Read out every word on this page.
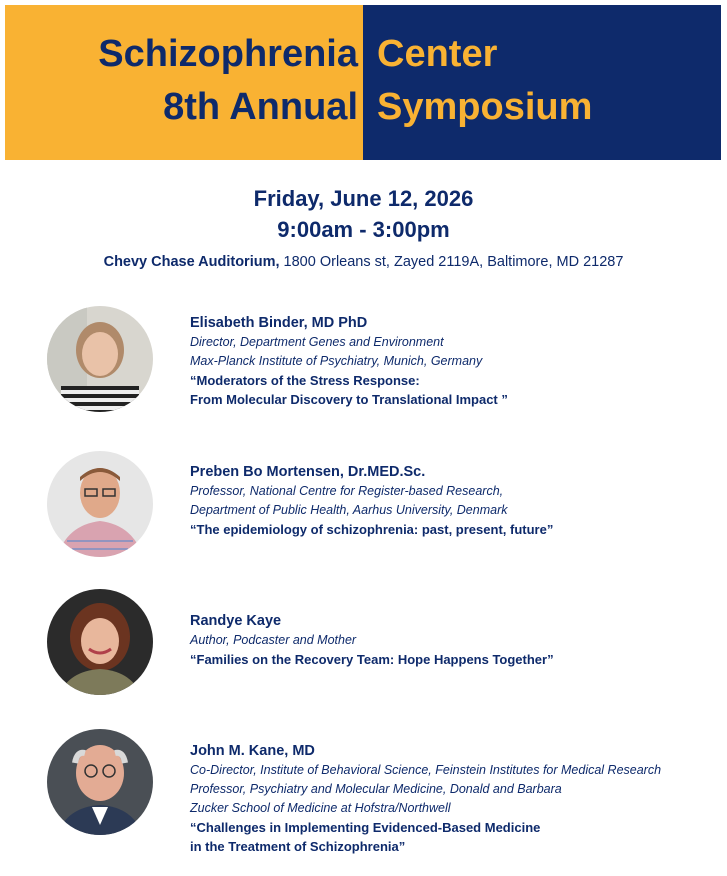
Schizophrenia Center
8th Annual Symposium
Friday, June 12, 2026
9:00am - 3:00pm
Chevy Chase Auditorium, 1800 Orleans st, Zayed 2119A, Baltimore, MD 21287
Elisabeth Binder, MD PhD
Director, Department Genes and Environment
Max-Planck Institute of Psychiatry, Munich, Germany
“Moderators of the Stress Response:
From Molecular Discovery to Translational Impact ”
Preben Bo Mortensen, Dr.MED.Sc.
Professor, National Centre for Register-based Research,
Department of Public Health, Aarhus University, Denmark
“The epidemiology of schizophrenia: past, present, future”
Randye Kaye
Author, Podcaster and Mother
“Families on the Recovery Team: Hope Happens Together”
John M. Kane, MD
Co-Director, Institute of Behavioral Science, Feinstein Institutes for Medical Research
Professor, Psychiatry and Molecular Medicine, Donald and Barbara
Zucker School of Medicine at Hofstra/Northwell
“Challenges in Implementing Evidenced-Based Medicine
in the Treatment of Schizophrenia”
